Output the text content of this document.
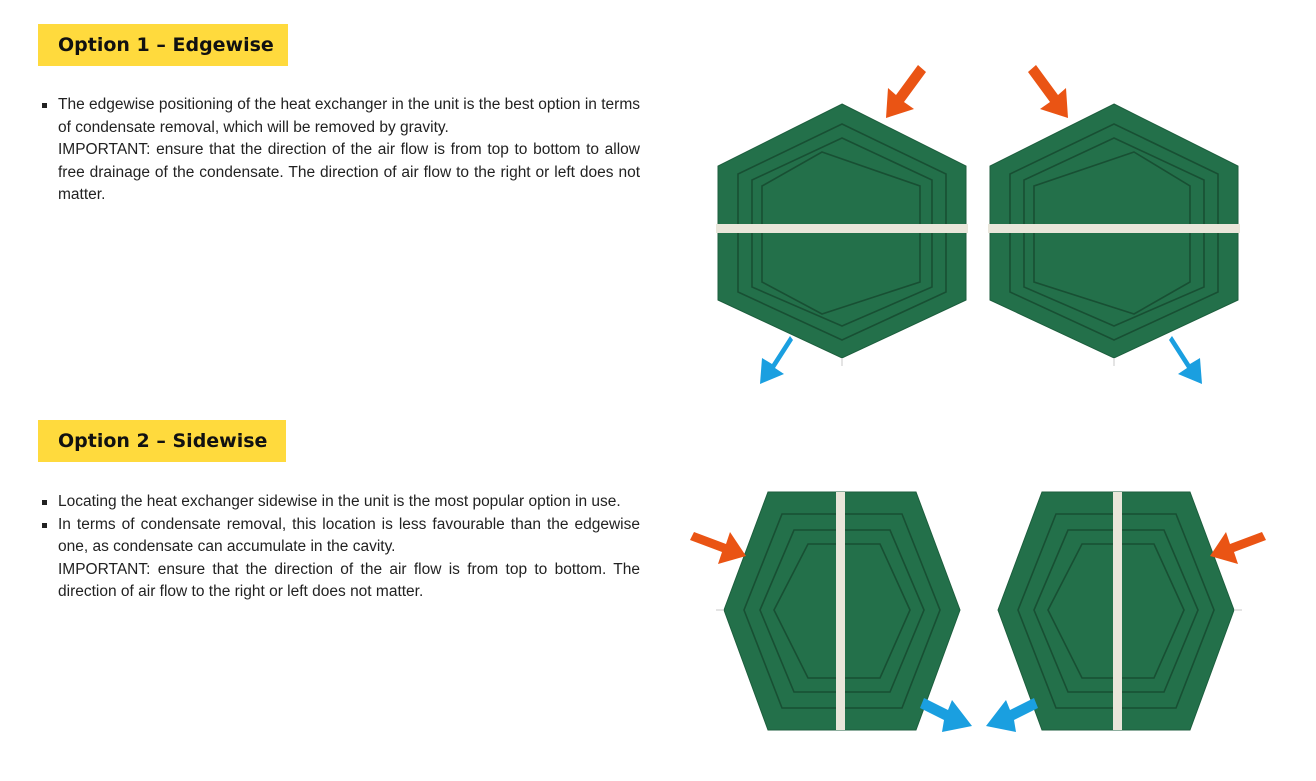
Option 1 – Edgewise

The edgewise positioning of the heat exchanger in the unit is the best option in terms of condensate removal, which will be removed by gravity.

IMPORTANT: ensure that the direction of the air flow is from top to bottom to allow free drainage of the condensate. The direction of air flow to the right or left does not matter.

Option 2 – Sidewise

Locating the heat exchanger sidewise in the unit is the most popular option in use.

In terms of condensate removal, this location is less favourable than the edgewise one, as condensate can accumulate in the cavity.

IMPORTANT: ensure that the direction of the air flow is from top to bottom. The direction of air flow to the right or left does not matter.
